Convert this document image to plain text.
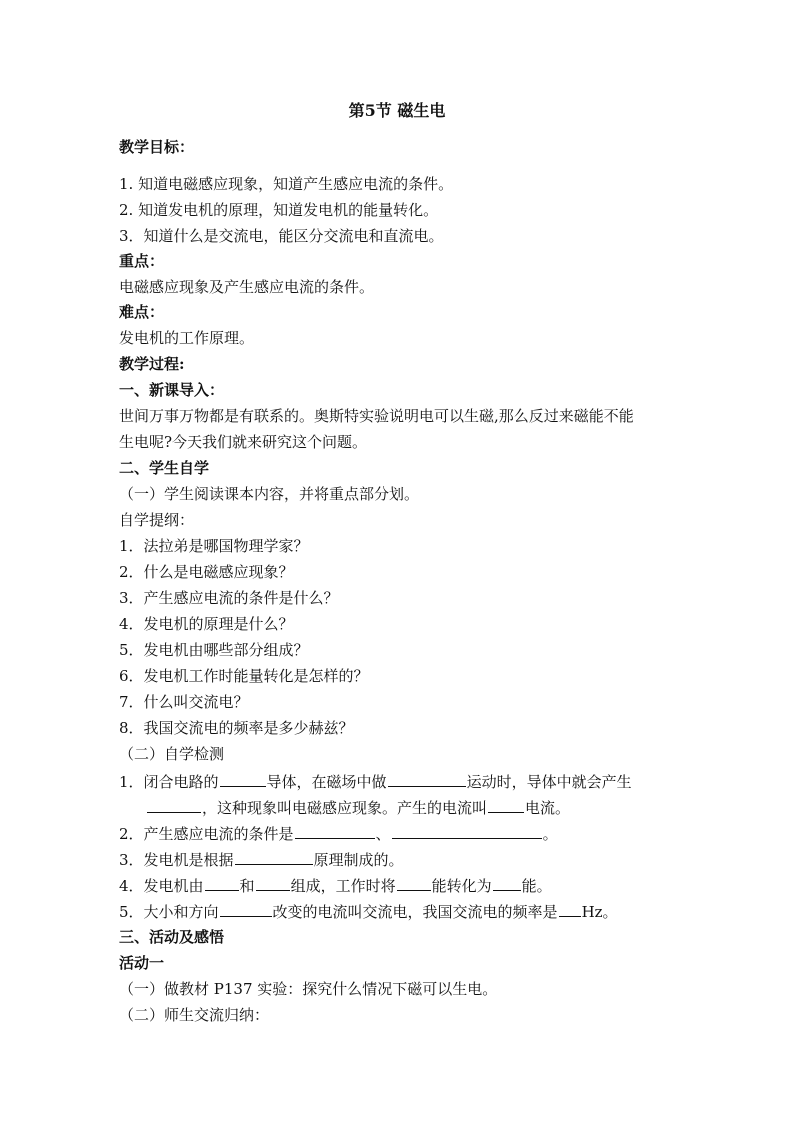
第5节 磁生电
教学目标：
1. 知道电磁感应现象，知道产生感应电流的条件。
2. 知道发电机的原理，知道发电机的能量转化。
3．知道什么是交流电，能区分交流电和直流电。
重点：
电磁感应现象及产生感应电流的条件。
难点：
发电机的工作原理。
教学过程:
一、新课导入：
世间万事万物都是有联系的。奥斯特实验说明电可以生磁,那么反过来磁能不能
生电呢?今天我们就来研究这个问题。
二、学生自学
（一）学生阅读课本内容，并将重点部分划。
自学提纲：
1．法拉弟是哪国物理学家？
2．什么是电磁感应现象？
3．产生感应电流的条件是什么？
4．发电机的原理是什么？
5．发电机由哪些部分组成？
6．发电机工作时能量转化是怎样的？
7．什么叫交流电？
8．我国交流电的频率是多少赫兹？
（二）自学检测
1．闭合电路的	导体，在磁场中做	运动时，导体中就会产生
，这种现象叫电磁感应现象。产生的电流叫	电流。
2．产生感应电流的条件是	、	。
3．发电机是根据	原理制成的。
4．发电机由 和 组成，工作时将 能转化为 能。
5．大小和方向	改变的电流叫交流电，我国交流电的频率是 Hz。
三、活动及感悟
活动一
（一）做教材 P137 实验：探究什么情况下磁可以生电。
（二）师生交流归纳：
